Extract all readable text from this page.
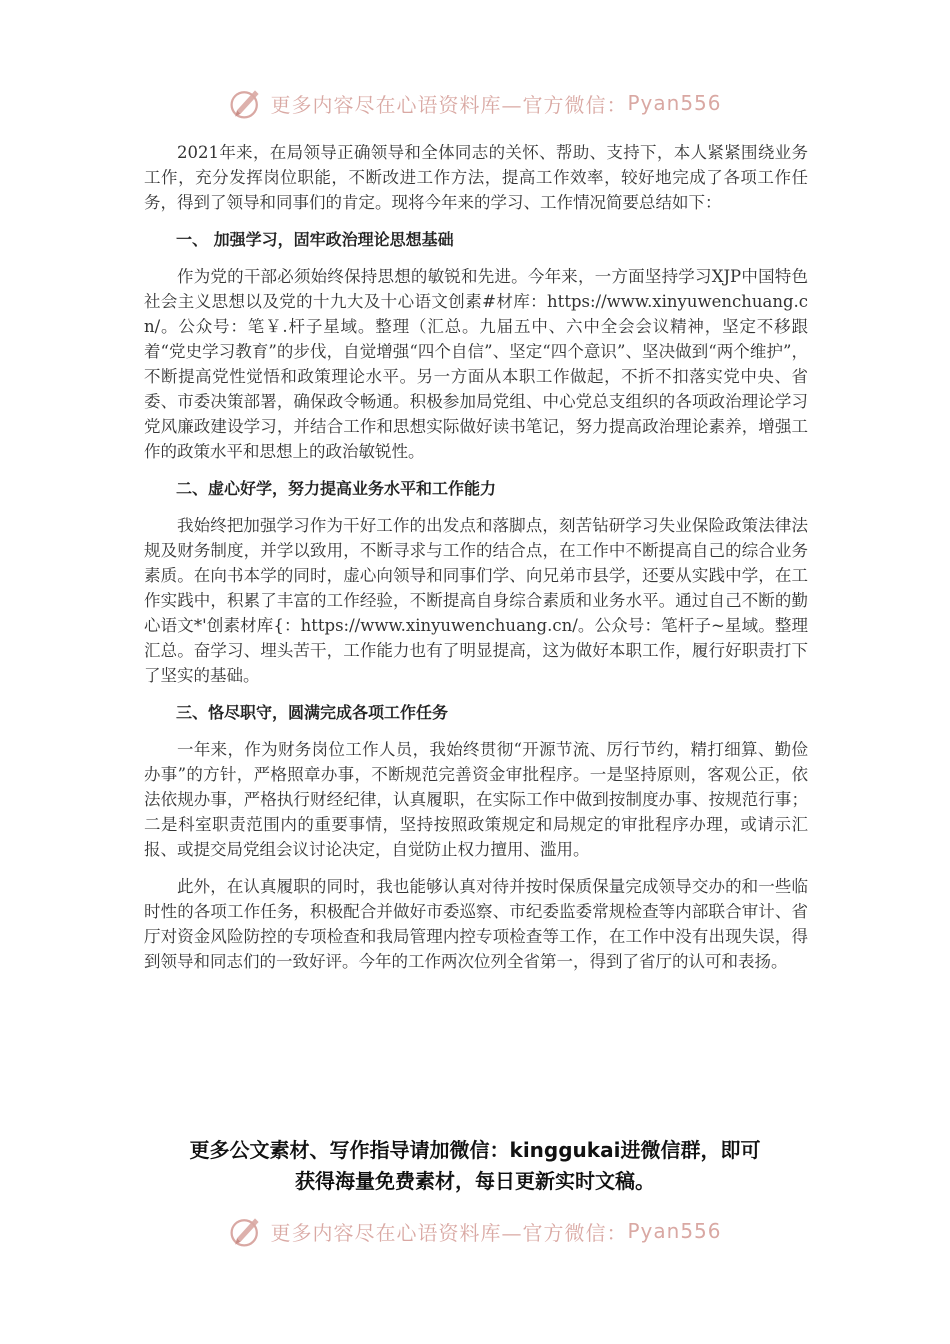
更多内容尽在心语资料库—官方微信： Pyan556

2021年来，在局领导正确领导和全体同志的关怀、帮助、支持下，本人紧紧围绕业务工作，充分发挥岗位职能，不断改进工作方法，提高工作效率，较好地完成了各项工作任务，得到了领导和同事们的肯定。现将今年来的学习、工作情况简要总结如下：

一、 加强学习，固牢政治理论思想基础

作为党的干部必须始终保持思想的敏锐和先进。今年来，一方面坚持学习XJP中国特色社会主义思想以及党的十九大及十心语文创素#材库：https://www.xinyuwenchuang.cn/。公众号：笔￥.杆子星域。整理（汇总。九届五中、六中全会会议精神，坚定不移跟着“党史学习教育”的步伐，自觉增强“四个自信”、坚定“四个意识”、坚决做到“两个维护”，不断提高党性觉悟和政策理论水平。另一方面从本职工作做起，不折不扣落实党中央、省委、市委决策部署，确保政令畅通。积极参加局党组、中心党总支组织的各项政治理论学习党风廉政建设学习，并结合工作和思想实际做好读书笔记，努力提高政治理论素养，增强工作的政策水平和思想上的政治敏锐性。

二、虚心好学，努力提高业务水平和工作能力

我始终把加强学习作为干好工作的出发点和落脚点，刻苦钻研学习失业保险政策法律法规及财务制度，并学以致用，不断寻求与工作的结合点，在工作中不断提高自己的综合业务素质。在向书本学的同时，虚心向领导和同事们学、向兄弟市县学，还要从实践中学，在工作实践中，积累了丰富的工作经验，不断提高自身综合素质和业务水平。通过自己不断的勤心语文*'创素材库{：https://www.xinyuwenchuang.cn/。公众号：笔杆子~星域。整理汇总。奋学习、埋头苦干，工作能力也有了明显提高，这为做好本职工作，履行好职责打下了坚实的基础。

三、恪尽职守，圆满完成各项工作任务

一年来，作为财务岗位工作人员，我始终贯彻“开源节流、厉行节约，精打细算、勤俭办事”的方针，严格照章办事，不断规范完善资金审批程序。一是坚持原则，客观公正，依法依规办事，严格执行财经纪律，认真履职，在实际工作中做到按制度办事、按规范行事；二是科室职责范围内的重要事情，坚持按照政策规定和局规定的审批程序办理，或请示汇报、或提交局党组会议讨论决定，自觉防止权力擅用、滥用。

此外，在认真履职的同时，我也能够认真对待并按时保质保量完成领导交办的和一些临时性的各项工作任务，积极配合并做好市委巡察、市纪委监委常规检查等内部联合审计、省厅对资金风险防控的专项检查和我局管理内控专项检查等工作，在工作中没有出现失误，得到领导和同志们的一致好评。今年的工作两次位列全省第一，得到了省厅的认可和表扬。

更多公文素材、写作指导请加微信：kinggukai进微信群，即可
获得海量免费素材，每日更新实时文稿。
更多内容尽在心语资料库—官方微信： Pyan556
